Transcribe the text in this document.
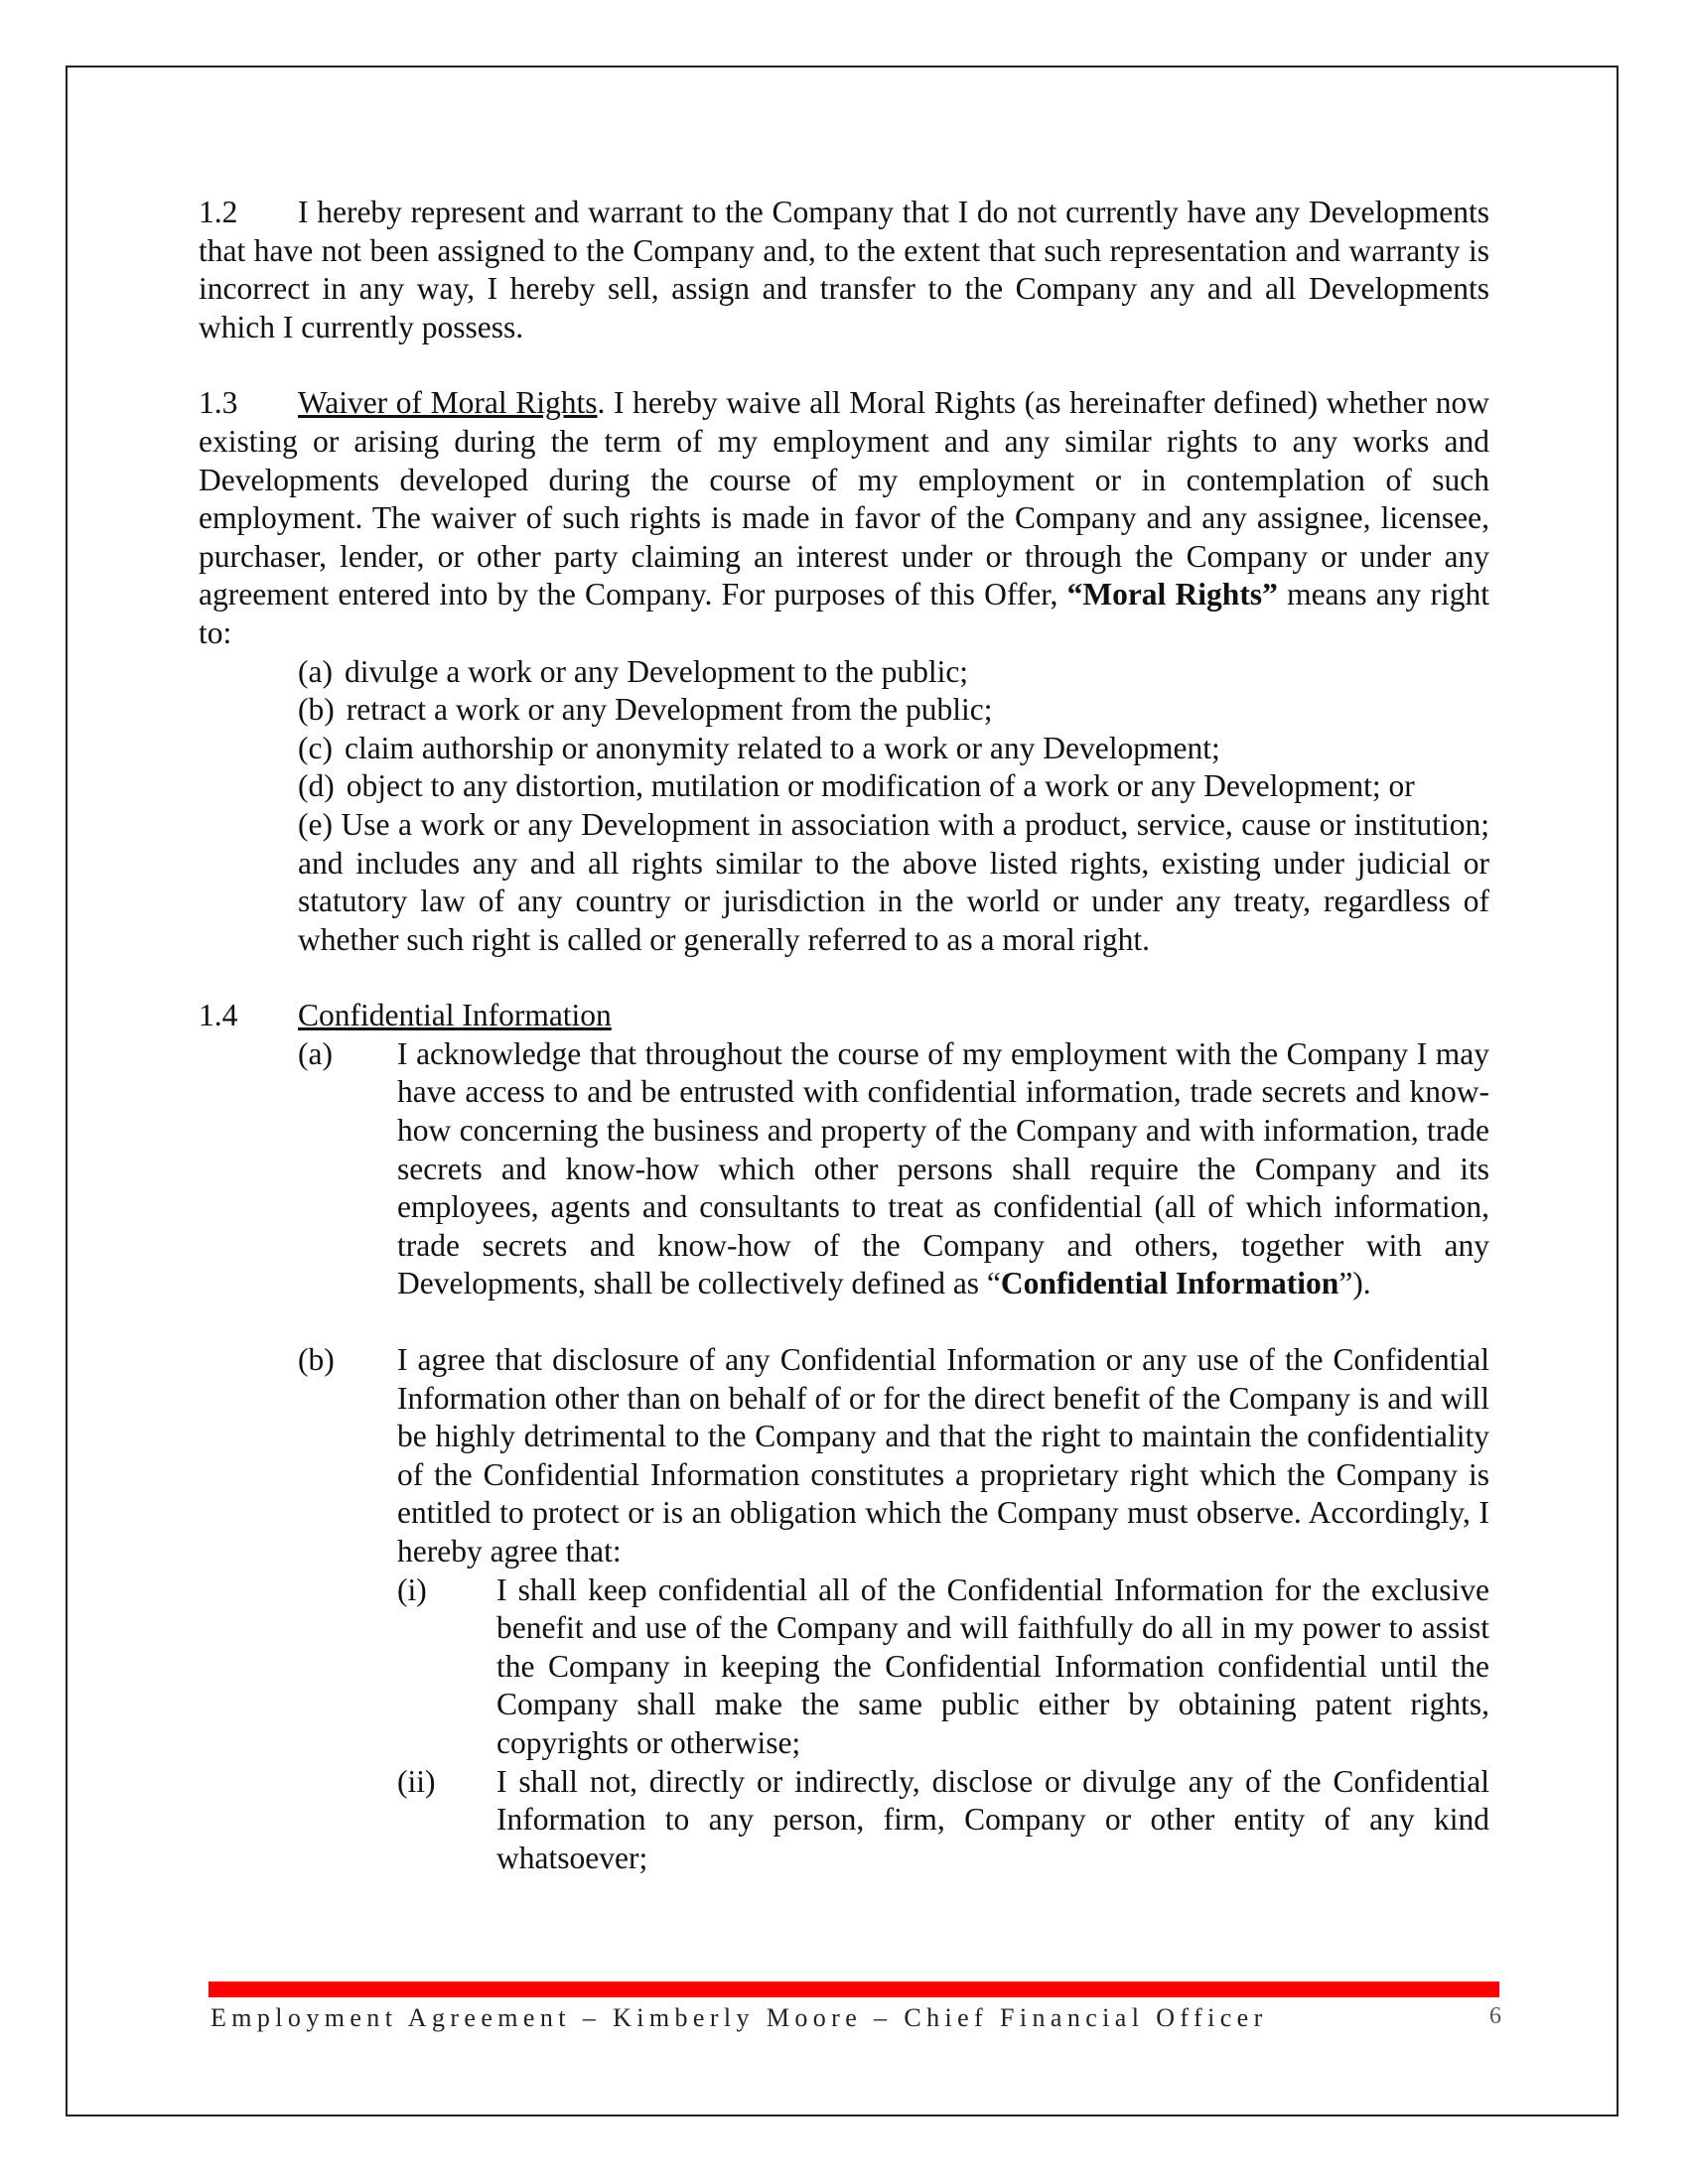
1.2 I hereby represent and warrant to the Company that I do not currently have any Developments that have not been assigned to the Company and, to the extent that such representation and warranty is incorrect in any way, I hereby sell, assign and transfer to the Company any and all Developments which I currently possess.

1.3 Waiver of Moral Rights. I hereby waive all Moral Rights (as hereinafter defined) whether now existing or arising during the term of my employment and any similar rights to any works and Developments developed during the course of my employment or in contemplation of such employment. The waiver of such rights is made in favor of the Company and any assignee, licensee, purchaser, lender, or other party claiming an interest under or through the Company or under any agreement entered into by the Company. For purposes of this Offer, “Moral Rights” means any right to:

(a) divulge a work or any Development to the public;
(b) retract a work or any Development from the public;
(c) claim authorship or anonymity related to a work or any Development;
(d) object to any distortion, mutilation or modification of a work or any Development; or

(e) Use a work or any Development in association with a product, service, cause or institution; and includes any and all rights similar to the above listed rights, existing under judicial or statutory law of any country or jurisdiction in the world or under any treaty, regardless of whether such right is called or generally referred to as a moral right.

1.4	Confidential Information
(a)	I acknowledge that throughout the course of my employment with the Company I may have access to and be entrusted with confidential information, trade secrets and know-how concerning the business and property of the Company and with information, trade secrets and know-how which other persons shall require the Company and its employees, agents and consultants to treat as confidential (all of which information, trade secrets and know-how of the Company and others, together with any Developments, shall be collectively defined as “Confidential Information”).
(b)	I agree that disclosure of any Confidential Information or any use of the Confidential Information other than on behalf of or for the direct benefit of the Company is and will be highly detrimental to the Company and that the right to maintain the confidentiality of the Confidential Information constitutes a proprietary right which the Company is entitled to protect or is an obligation which the Company must observe. Accordingly, I hereby agree that:
(i)	I shall keep confidential all of the Confidential Information for the exclusive benefit and use of the Company and will faithfully do all in my power to assist the Company in keeping the Confidential Information confidential until the Company shall make the same public either by obtaining patent rights, copyrights or otherwise;
(ii)	I shall not, directly or indirectly, disclose or divulge any of the Confidential Information to any person, firm, Company or other entity of any kind whatsoever;
Employment Agreement – Kimberly Moore – Chief Financial Officer	6
